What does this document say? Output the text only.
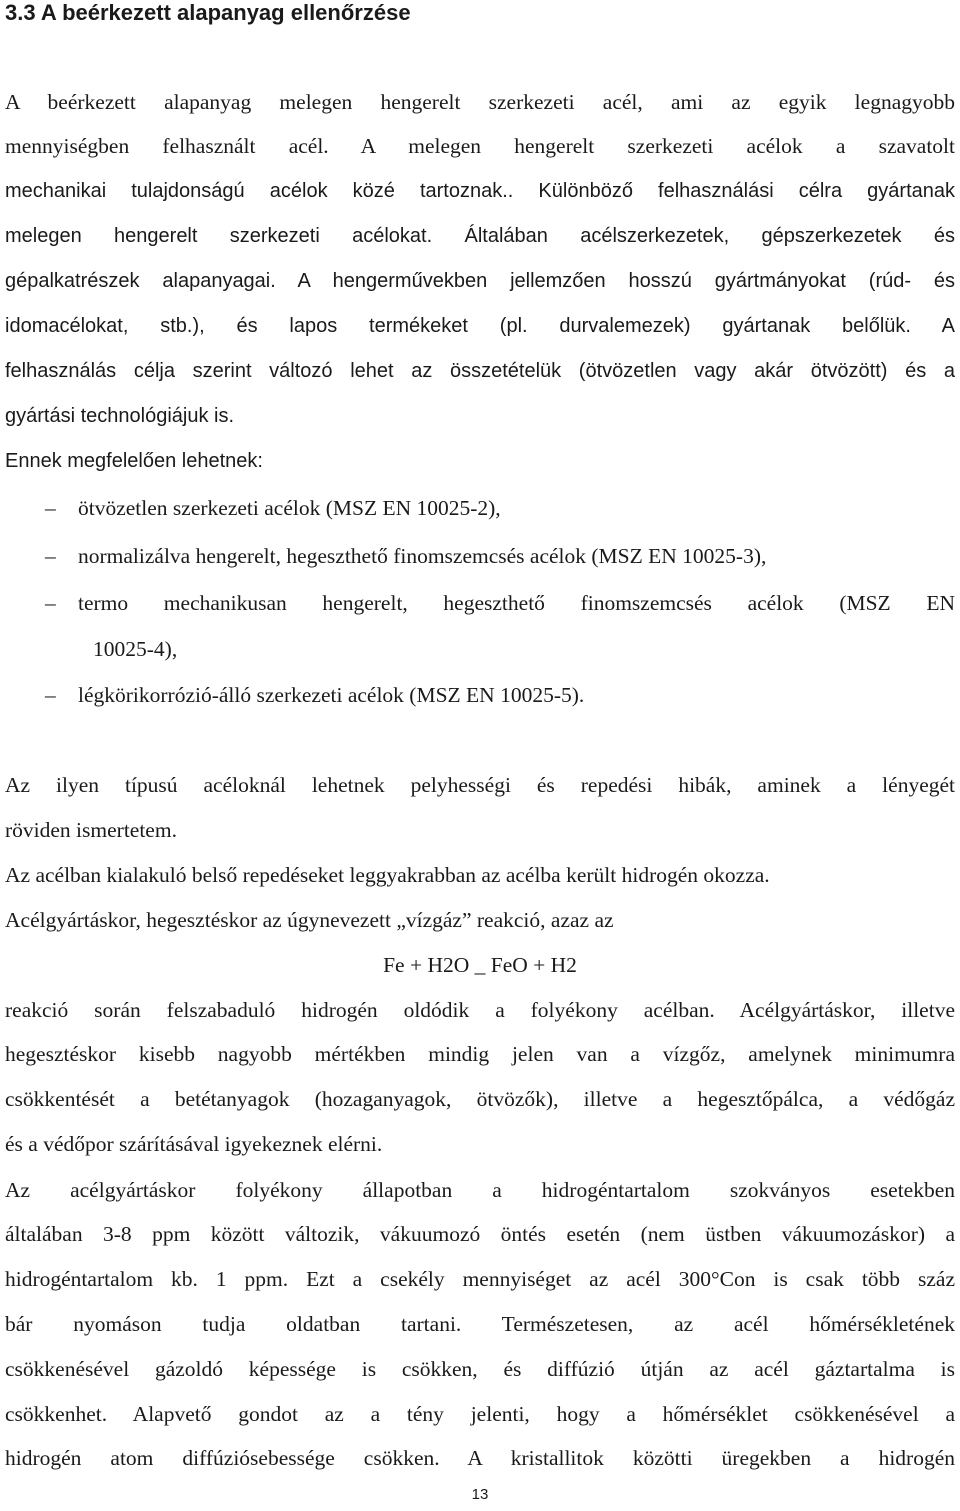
3.3 A beérkezett alapanyag ellenőrzése
A beérkezett alapanyag melegen hengerelt szerkezeti acél, ami az egyik legnagyobb
mennyiségben felhasznált acél. A melegen hengerelt szerkezeti acélok a szavatolt
mechanikai tulajdonságú acélok közé tartoznak.. Különböző felhasználási célra gyártanak
melegen hengerelt szerkezeti acélokat. Általában acélszerkezetek, gépszerkezetek és
gépalkatrészek alapanyagai. A hengerművekben jellemzően hosszú gyártmányokat (rúd- és
idomacélokat, stb.), és lapos termékeket (pl. durvalemezek) gyártanak belőlük. A
felhasználás célja szerint változó lehet az összetételük (ötvözetlen vagy akár ötvözött) és a
gyártási technológiájuk is.
Ennek megfelelően lehetnek:
– ötvözetlen szerkezeti acélok (MSZ EN 10025-2),
– normalizálva hengerelt, hegeszthető finomszemcsés acélok (MSZ EN 10025-3),
– termo mechanikusan hengerelt, hegeszthető finomszemcsés acélok (MSZ EN
10025-4),
– légkörikorrózió-álló szerkezeti acélok (MSZ EN 10025-5).
Az ilyen típusú acéloknál lehetnek pelyhességi és repedési hibák, aminek a lényegét
röviden ismertetem.
Az acélban kialakuló belső repedéseket leggyakrabban az acélba került hidrogén okozza.
Acélgyártáskor, hegesztéskor az úgynevezett „vízgáz” reakció, azaz az
Fe + H2O _ FeO + H2
reakció során felszabaduló hidrogén oldódik a folyékony acélban. Acélgyártáskor, illetve
hegesztéskor kisebb nagyobb mértékben mindig jelen van a vízgőz, amelynek minimumra
csökkentését a betétanyagok (hozaganyagok, ötvözők), illetve a hegesztőpálca, a védőgáz
és a védőpor szárításával igyekeznek elérni.
Az acélgyártáskor folyékony állapotban a hidrogéntartalom szokványos esetekben
általában 3-8 ppm között változik, vákuumozó öntés esetén (nem üstben vákuumozáskor) a
hidrogéntartalom kb. 1 ppm. Ezt a csekély mennyiséget az acél 300°Con is csak több száz
bár nyomáson tudja oldatban tartani. Természetesen, az acél hőmérsékletének
csökkenésével gázoldó képessége is csökken, és diffúzió útján az acél gáztartalma is
csökkenhet. Alapvető gondot az a tény jelenti, hogy a hőmérséklet csökkenésével a
hidrogén atom diffúziósebessége csökken. A kristallitok közötti üregekben a hidrogén
13
